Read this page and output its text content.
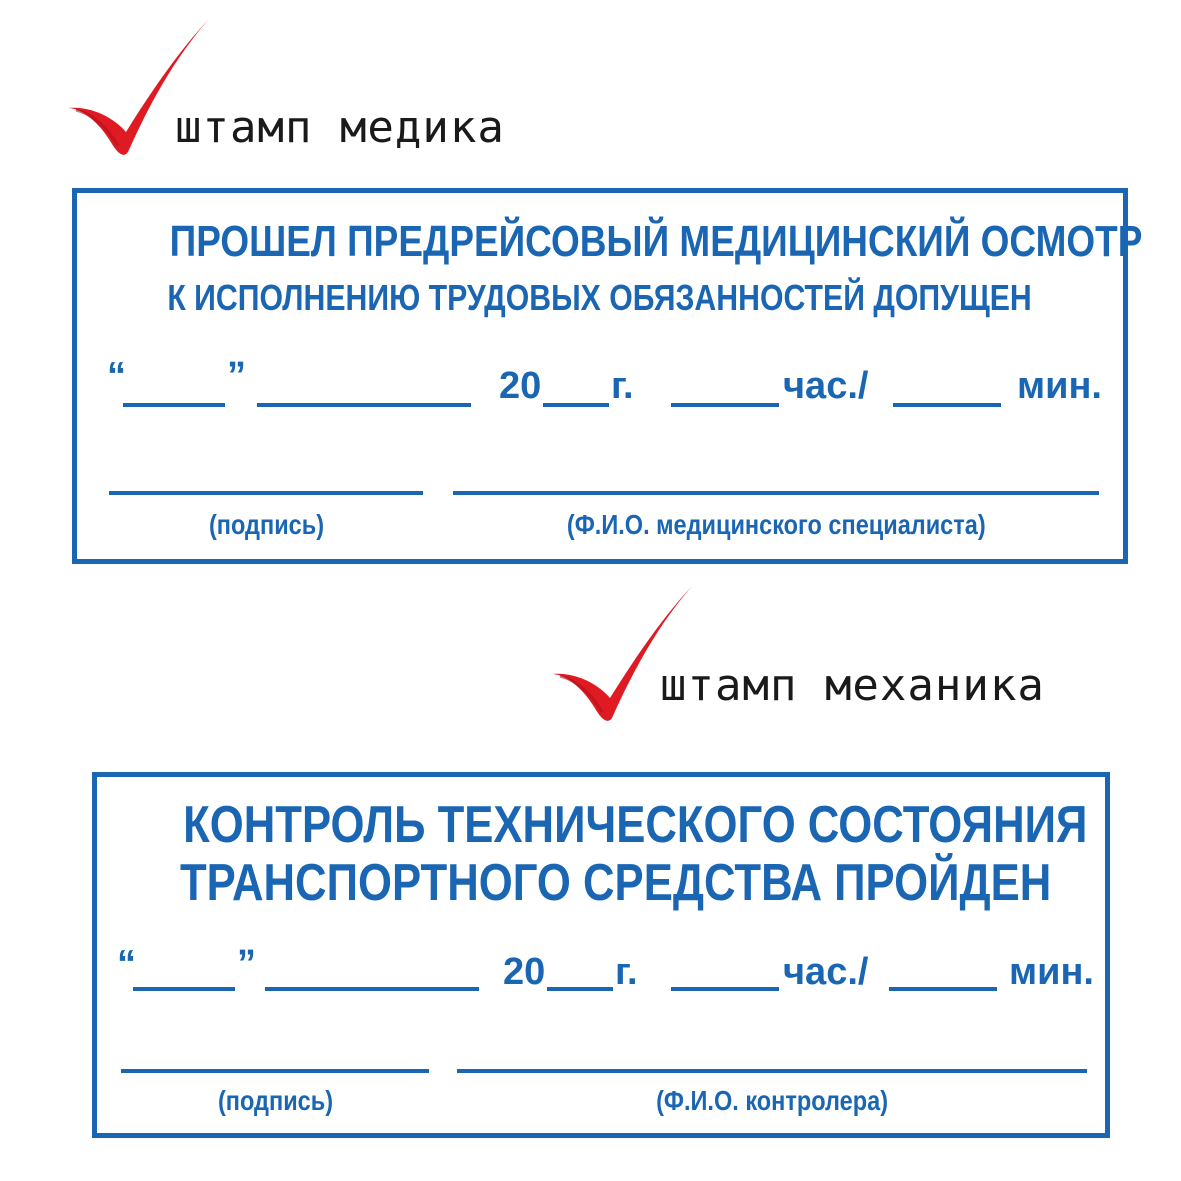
штамп медика
ПРОШЕЛ ПРЕДРЕЙСОВЫЙ МЕДИЦИНСКИЙ ОСМОТР
К ИСПОЛНЕНИЮ ТРУДОВЫХ ОБЯЗАННОСТЕЙ ДОПУЩЕН
“	”	20 г.	час./	мин.
(подпись)	(Ф.И.О. медицинского специалиста)
штамп механика
КОНТРОЛЬ ТЕХНИЧЕСКОГО СОСТОЯНИЯ
ТРАНСПОРТНОГО СРЕДСТВА ПРОЙДЕН
“	”	20 г.	час./	мин.
(подпись)	(Ф.И.О. контролера)
